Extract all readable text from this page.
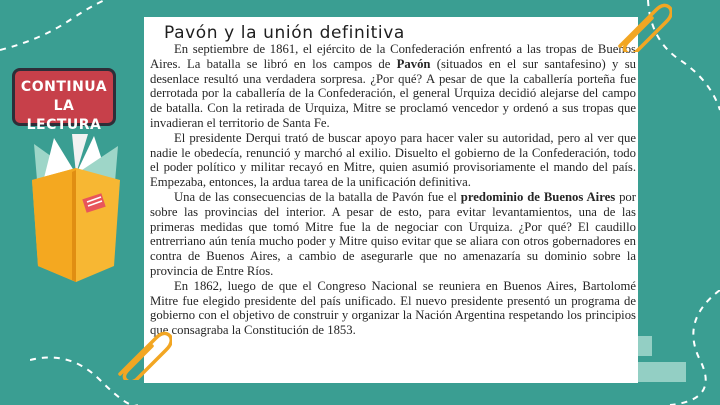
CONTINUA
LA LECTURA
Pavón y la unión definitiva

En septiembre de 1861, el ejército de la Confederación enfrentó a las tropas de Buenos Aires. La batalla se libró en los campos de Pavón (situados en el sur santafesino) y su desenlace resultó una verdadera sorpresa. ¿Por qué? A pesar de que la caballería porteña fue derrotada por la caballería de la Confederación, el general Urquiza decidió alejarse del campo de batalla. Con la retirada de Urquiza, Mitre se proclamó vencedor y ordenó a sus tropas que invadieran el territorio de Santa Fe.

El presidente Derqui trató de buscar apoyo para hacer valer su autoridad, pero al ver que nadie le obedecía, renunció y marchó al exilio. Disuelto el gobierno de la Confederación, todo el poder político y militar recayó en Mitre, quien asumió provisoriamente el mando del país. Empezaba, entonces, la ardua tarea de la unificación definitiva.

Una de las consecuencias de la batalla de Pavón fue el predominio de Buenos Aires por sobre las provincias del interior. A pesar de esto, para evitar levantamientos, una de las primeras medidas que tomó Mitre fue la de negociar con Urquiza. ¿Por qué? El caudillo entrerriano aún tenía mucho poder y Mitre quiso evitar que se aliara con otros gobernadores en contra de Buenos Aires, a cambio de asegurarle que no amenazaría su dominio sobre la provincia de Entre Ríos.

En 1862, luego de que el Congreso Nacional se reuniera en Buenos Aires, Bartolomé Mitre fue elegido presidente del país unificado. El nuevo presidente presentó un programa de gobierno con el objetivo de construir y organizar la Nación Argentina respetando los principios que consagraba la Constitución de 1853.
